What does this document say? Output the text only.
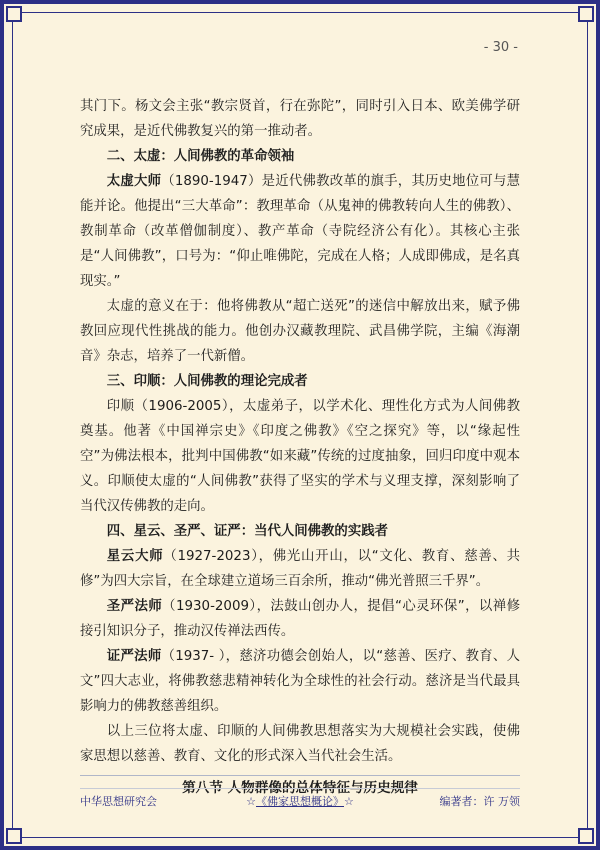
- 30 -

其门下。杨文会主张“教宗贤首，行在弥陀”，同时引入日本、欧美佛学研究成果，是近代佛教复兴的第一推动者。

二、太虚：人间佛教的革命领袖

太虚大师（1890-1947）是近代佛教改革的旗手，其历史地位可与慧能并论。他提出“三大革命”：教理革命（从鬼神的佛教转向人生的佛教）、教制革命（改革僧伽制度）、教产革命（寺院经济公有化）。其核心主张是“人间佛教”，口号为：“仰止唯佛陀，完成在人格；人成即佛成，是名真现实。”

太虚的意义在于：他将佛教从“超亡送死”的迷信中解放出来，赋予佛教回应现代性挑战的能力。他创办汉藏教理院、武昌佛学院，主编《海潮音》杂志，培养了一代新僧。

三、印顺：人间佛教的理论完成者

印顺（1906-2005），太虚弟子，以学术化、理性化方式为人间佛教奠基。他著《中国禅宗史》《印度之佛教》《空之探究》等，以“缘起性空”为佛法根本，批判中国佛教“如来藏”传统的过度抽象，回归印度中观本义。印顺使太虚的“人间佛教”获得了坚实的学术与义理支撑，深刻影响了当代汉传佛教的走向。

四、星云、圣严、证严：当代人间佛教的实践者

星云大师（1927-2023），佛光山开山，以“文化、教育、慈善、共修”为四大宗旨，在全球建立道场三百余所，推动“佛光普照三千界”。

圣严法师（1930-2009），法鼓山创办人，提倡“心灵环保”，以禅修接引知识分子，推动汉传禅法西传。

证严法师（1937- ），慈济功德会创始人，以“慈善、医疗、教育、人文”四大志业，将佛教慈悲精神转化为全球性的社会行动。慈济是当代最具影响力的佛教慈善组织。

以上三位将太虚、印顺的人间佛教思想落实为大规模社会实践，使佛家思想以慈善、教育、文化的形式深入当代社会生活。

第八节 人物群像的总体特征与历史规律

中华思想研究会	☆《佛家思想概论》☆	编著者：许 万领
